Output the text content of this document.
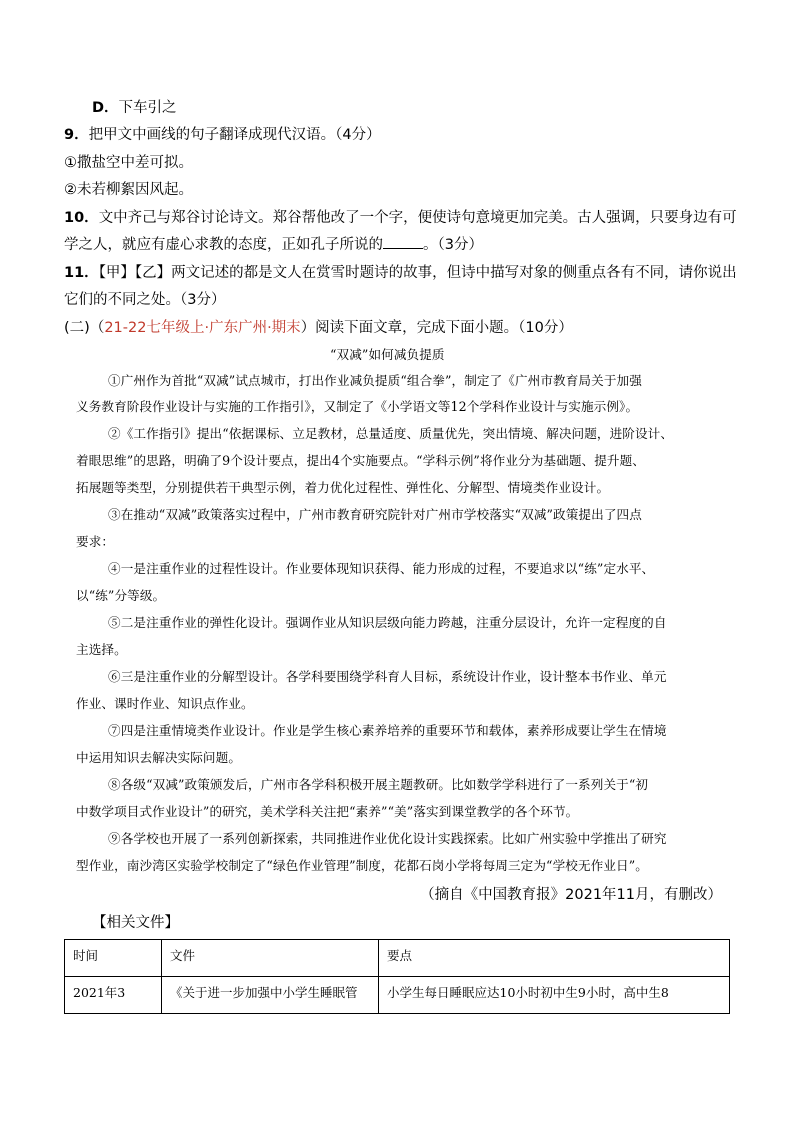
D．下车引之
9．把甲文中画线的句子翻译成现代汉语。（4分）
①撒盐空中差可拟。
②未若柳絮因风起。
10．文中齐己与郑谷讨论诗文。郑谷帮他改了一个字，便使诗句意境更加完美。古人强调，只要身边有可
学之人，就应有虚心求教的态度，正如孔子所说的	。（3分）
11．【甲】【乙】两文记述的都是文人在赏雪时题诗的故事，但诗中描写对象的侧重点各有不同，请你说出
它们的不同之处。（3分）
(二)（21-22七年级上·广东广州·期末）阅读下面文章，完成下面小题。（10分）
“双减”如何减负提质
①广州作为首批“双减”试点城市，打出作业减负提质“组合拳”，制定了《广州市教育局关于加强
义务教育阶段作业设计与实施的工作指引》，又制定了《小学语文等12个学科作业设计与实施示例》。
②《工作指引》提出“依据课标、立足教材，总量适度、质量优先，突出情境、解决问题，进阶设计、
着眼思维”的思路，明确了9个设计要点，提出4个实施要点。“学科示例”将作业分为基础题、提升题、
拓展题等类型，分别提供若干典型示例，着力优化过程性、弹性化、分解型、情境类作业设计。
③在推动“双减”政策落实过程中，广州市教育研究院针对广州市学校落实“双减”政策提出了四点
要求：
④一是注重作业的过程性设计。作业要体现知识获得、能力形成的过程，不要追求以“练”定水平、
以“练”分等级。
⑤二是注重作业的弹性化设计。强调作业从知识层级向能力跨越，注重分层设计，允许一定程度的自
主选择。
⑥三是注重作业的分解型设计。各学科要围绕学科育人目标，系统设计作业，设计整本书作业、单元
作业、课时作业、知识点作业。
⑦四是注重情境类作业设计。作业是学生核心素养培养的重要环节和载体，素养形成要让学生在情境
中运用知识去解决实际问题。
⑧各级“双减”政策颁发后，广州市各学科积极开展主题教研。比如数学学科进行了一系列关于“初
中数学项目式作业设计”的研究，美术学科关注把“素养”“美”落实到课堂教学的各个环节。
⑨各学校也开展了一系列创新探索，共同推进作业优化设计实践探索。比如广州实验中学推出了研究
型作业，南沙湾区实验学校制定了“绿色作业管理”制度，花都石岗小学将每周三定为“学校无作业日”。
（摘自《中国教育报》2021年11月，有删改）
【相关文件】
时间	文件	要点
2021年3	《关于进一步加强中小学生睡眠管	小学生每日睡眠应达10小时初中生9小时，高中生8
